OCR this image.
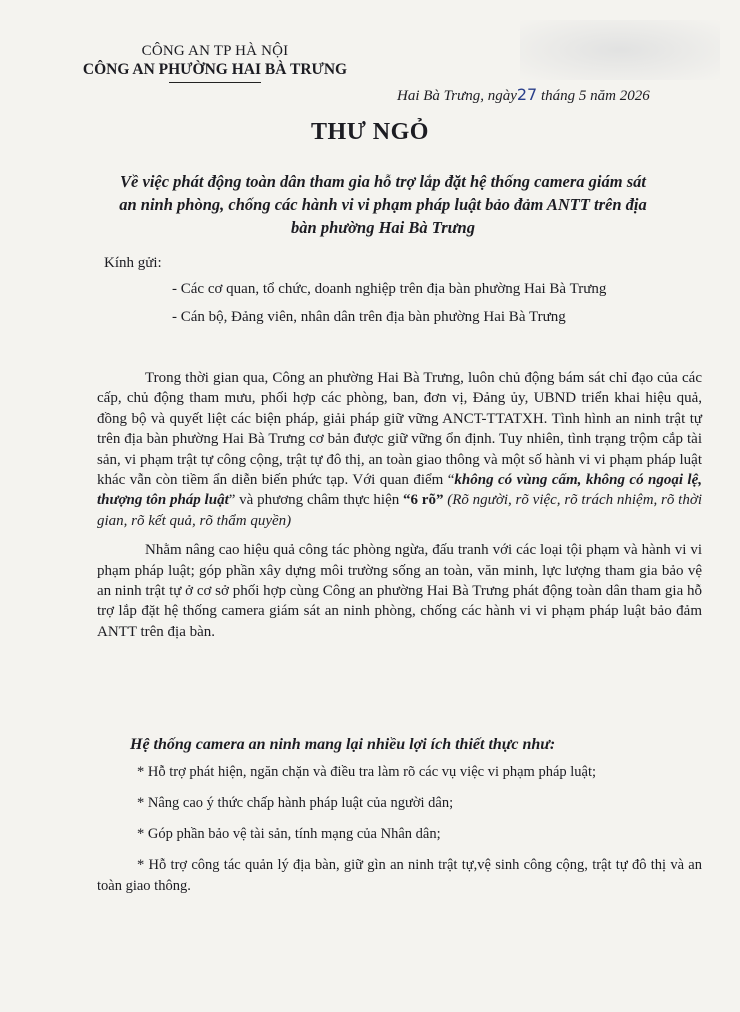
CÔNG AN TP HÀ NỘI
CÔNG AN PHƯỜNG HAI BÀ TRƯNG
Hai Bà Trưng, ngày27 tháng 5 năm 2026
THƯ NGỎ
Về việc phát động toàn dân tham gia hỗ trợ lắp đặt hệ thống camera giám sát
an ninh phòng, chống các hành vi vi phạm pháp luật bảo đảm ANTT trên địa
bàn phường Hai Bà Trưng
Kính gửi:
- Các cơ quan, tổ chức, doanh nghiệp trên địa bàn phường Hai Bà Trưng
- Cán bộ, Đảng viên, nhân dân trên địa bàn phường Hai Bà Trưng

Trong thời gian qua, Công an phường Hai Bà Trưng, luôn chủ động bám sát chỉ đạo của các cấp, chủ động tham mưu, phối hợp các phòng, ban, đơn vị, Đảng ủy, UBND triển khai hiệu quả, đồng bộ và quyết liệt các biện pháp, giải pháp giữ vững ANCT-TTATXH. Tình hình an ninh trật tự trên địa bàn phường Hai Bà Trưng cơ bản được giữ vững ổn định. Tuy nhiên, tình trạng trộm cắp tài sản, vi phạm trật tự công cộng, trật tự đô thị, an toàn giao thông và một số hành vi vi phạm pháp luật khác vẫn còn tiềm ẩn diễn biến phức tạp. Với quan điểm “không có vùng cấm, không có ngoại lệ, thượng tôn pháp luật” và phương châm thực hiện “6 rõ” (Rõ người, rõ việc, rõ trách nhiệm, rõ thời gian, rõ kết quả, rõ thẩm quyền)

Nhằm nâng cao hiệu quả công tác phòng ngừa, đấu tranh với các loại tội phạm và hành vi vi phạm pháp luật; góp phần xây dựng môi trường sống an toàn, văn minh, lực lượng tham gia bảo vệ an ninh trật tự ở cơ sở phối hợp cùng Công an phường Hai Bà Trưng phát động toàn dân tham gia hỗ trợ lắp đặt hệ thống camera giám sát an ninh phòng, chống các hành vi vi phạm pháp luật bảo đảm ANTT trên địa bàn.

Hệ thống camera an ninh mang lại nhiều lợi ích thiết thực như:
* Hỗ trợ phát hiện, ngăn chặn và điều tra làm rõ các vụ việc vi phạm pháp luật;
* Nâng cao ý thức chấp hành pháp luật của người dân;
* Góp phần bảo vệ tài sản, tính mạng của Nhân dân;
* Hỗ trợ công tác quản lý địa bàn, giữ gìn an ninh trật tự,vệ sinh công cộng, trật tự đô thị và an toàn giao thông.
